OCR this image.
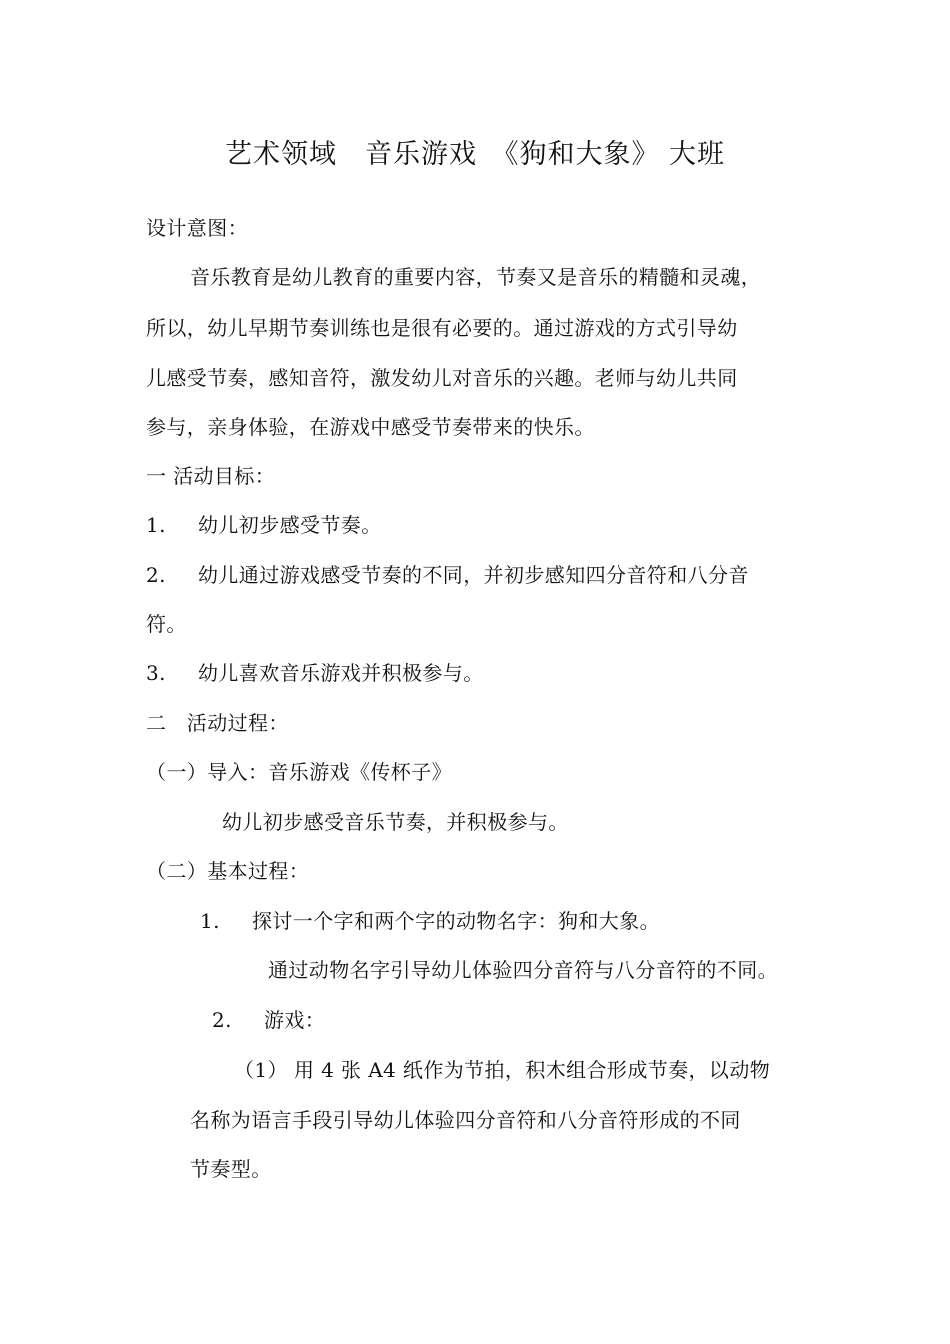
艺术领域　音乐游戏　《狗和大象》 大班
设计意图：
音乐教育是幼儿教育的重要内容，节奏又是音乐的精髓和灵魂，
所以，幼儿早期节奏训练也是很有必要的。通过游戏的方式引导幼
儿感受节奏，感知音符，激发幼儿对音乐的兴趣。老师与幼儿共同
参与，亲身体验，在游戏中感受节奏带来的快乐。
一 活动目标：
1. 幼儿初步感受节奏。
2. 幼儿通过游戏感受节奏的不同，并初步感知四分音符和八分音
符。
3. 幼儿喜欢音乐游戏并积极参与。
二　活动过程：
（一）导入：音乐游戏《传杯子》
幼儿初步感受音乐节奏，并积极参与。
（二）基本过程：
1. 探讨一个字和两个字的动物名字：狗和大象。
通过动物名字引导幼儿体验四分音符与八分音符的不同。
2. 游戏：
（1） 用 4 张 A4 纸作为节拍，积木组合形成节奏，以动物
名称为语言手段引导幼儿体验四分音符和八分音符形成的不同
节奏型。
